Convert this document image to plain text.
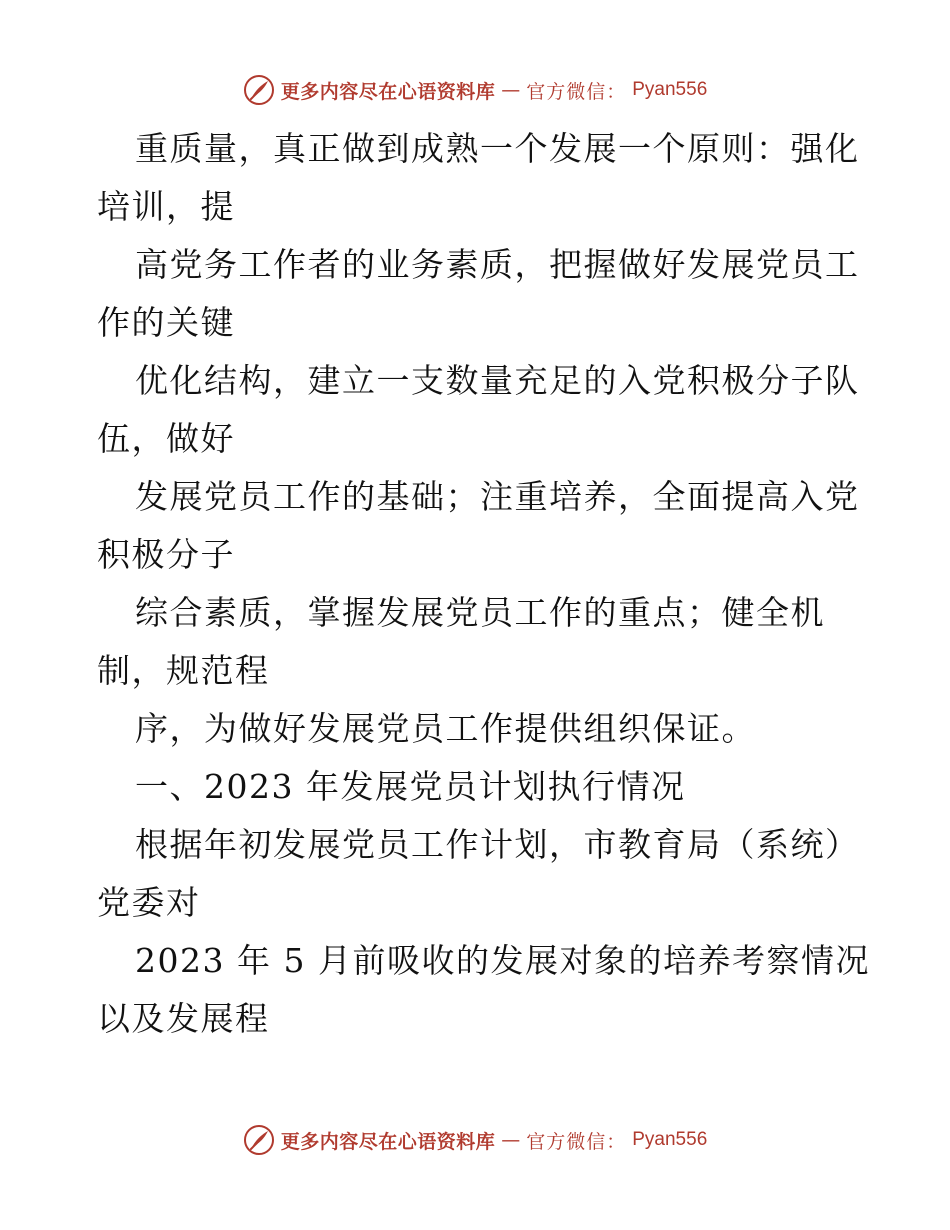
更多内容尽在心语资料库 — 官方微信： Pyan556

重质量，真正做到成熟一个发展一个原则：强化
培训，提

高党务工作者的业务素质，把握做好发展党员工
作的关键

优化结构，建立一支数量充足的入党积极分子队
伍，做好

发展党员工作的基础；注重培养，全面提高入党
积极分子

综合素质，掌握发展党员工作的重点；健全机
制，规范程

序，为做好发展党员工作提供组织保证。

一、2023 年发展党员计划执行情况

根据年初发展党员工作计划，市教育局（系统）
党委对

2023 年 5 月前吸收的发展对象的培养考察情况
以及发展程

更多内容尽在心语资料库 — 官方微信： Pyan556
